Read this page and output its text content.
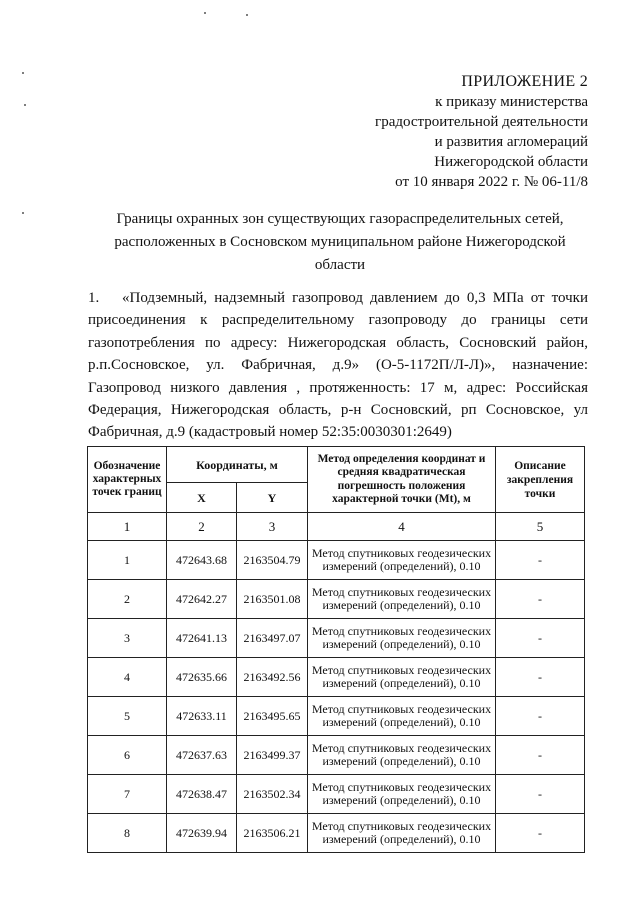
ПРИЛОЖЕНИЕ 2
к приказу министерства
градостроительной деятельности
и развития агломераций
Нижегородской области
от 10 января 2022 г. № 06-11/8
Границы охранных зон существующих газораспределительных сетей,
расположенных в Сосновском муниципальном районе Нижегородской
области
1.	«Подземный, надземный газопровод давлением до 0,3 МПа от точки присоединения к распределительному газопроводу до границы сети газопотребления по адресу: Нижегородская область, Сосновский район, р.п.Сосновское, ул. Фабричная, д.9» (О-5-1172П/Л-Л)», назначение: Газопровод низкого давления , протяженность: 17 м, адрес: Российская Федерация, Нижегородская область, р-н Сосновский, рп Сосновское, ул Фабричная, д.9 (кадастровый номер 52:35:0030301:2649)

Обозначение характерных точек границ	Координаты, м		Метод определения координат и средняя квадратическая погрешность положения характерной точки (Mt), м	Описание закрепления точки
	X	Y		
1	2	3	4	5
1	472643.68	2163504.79	Метод спутниковых геодезических измерений (определений), 0.10	-
2	472642.27	2163501.08	Метод спутниковых геодезических измерений (определений), 0.10	-
3	472641.13	2163497.07	Метод спутниковых геодезических измерений (определений), 0.10	-
4	472635.66	2163492.56	Метод спутниковых геодезических измерений (определений), 0.10	-
5	472633.11	2163495.65	Метод спутниковых геодезических измерений (определений), 0.10	-
6	472637.63	2163499.37	Метод спутниковых геодезических измерений (определений), 0.10	-
7	472638.47	2163502.34	Метод спутниковых геодезических измерений (определений), 0.10	-
8	472639.94	2163506.21	Метод спутниковых геодезических измерений (определений), 0.10	-
